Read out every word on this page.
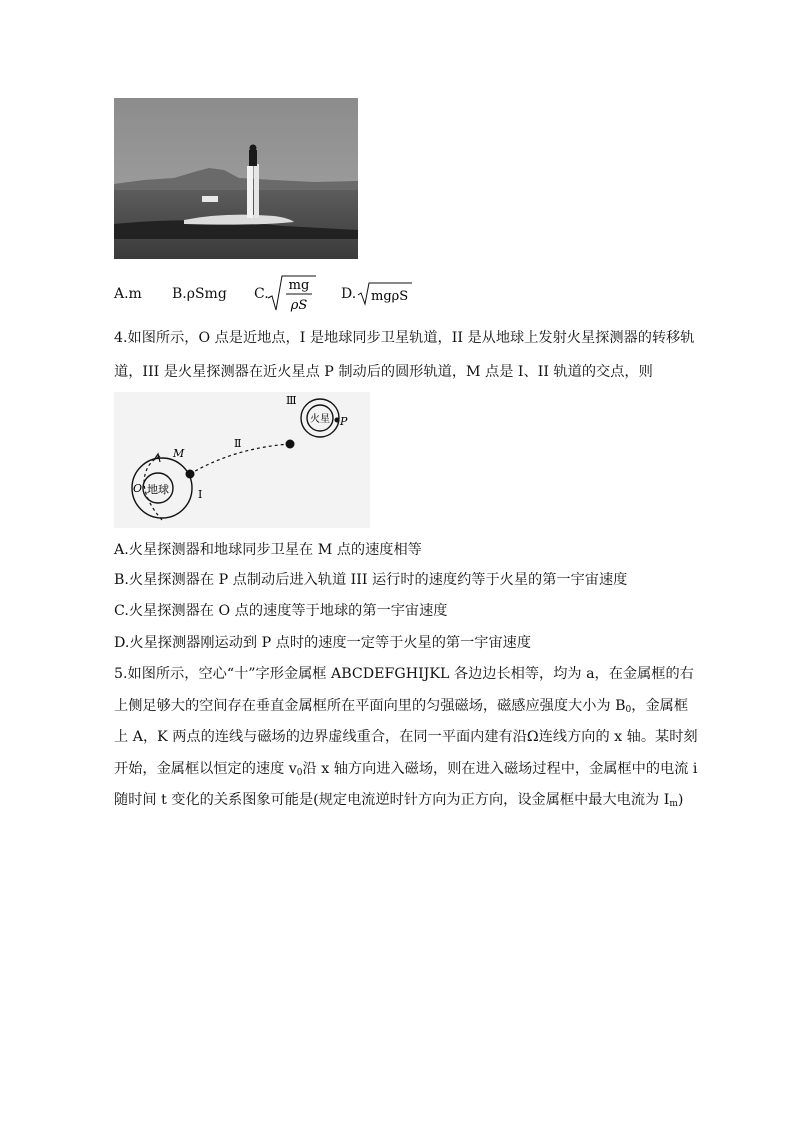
A.m B.ρSmg C.
mg
ρS
D. mgρS
4.如图所示，O 点是近地点，I 是地球同步卫星轨道，II 是从地球上发射火星探测器的转移轨
道，III 是火星探测器在近火星点 P 制动后的圆形轨道，M 点是 I、II 轨道的交点，则
地球
火星 P
M
O	I
Ⅱ
Ⅲ
A.火星探测器和地球同步卫星在 M 点的速度相等
B.火星探测器在 P 点制动后进入轨道 III 运行时的速度约等于火星的第一宇宙速度
C.火星探测器在 O 点的速度等于地球的第一宇宙速度
D.火星探测器刚运动到 P 点时的速度一定等于火星的第一宇宙速度
5.如图所示，空心“十”字形金属框 ABCDEFGHIJKL 各边边长相等，均为 a，在金属框的右
上侧足够大的空间存在垂直金属框所在平面向里的匀强磁场，磁感应强度大小为 $B_0$，金属框
上 A，K 两点的连线与磁场的边界虚线重合，在同一平面内建有沿Ω连线方向的 x 轴。某时刻
开始，金属框以恒定的速度 $v_0$沿 x 轴方向进入磁场，则在进入磁场过程中，金属框中的电流 i
随时间 t 变化的关系图象可能是(规定电流逆时针方向为正方向，设金属框中最大电流为 $I_m$)
